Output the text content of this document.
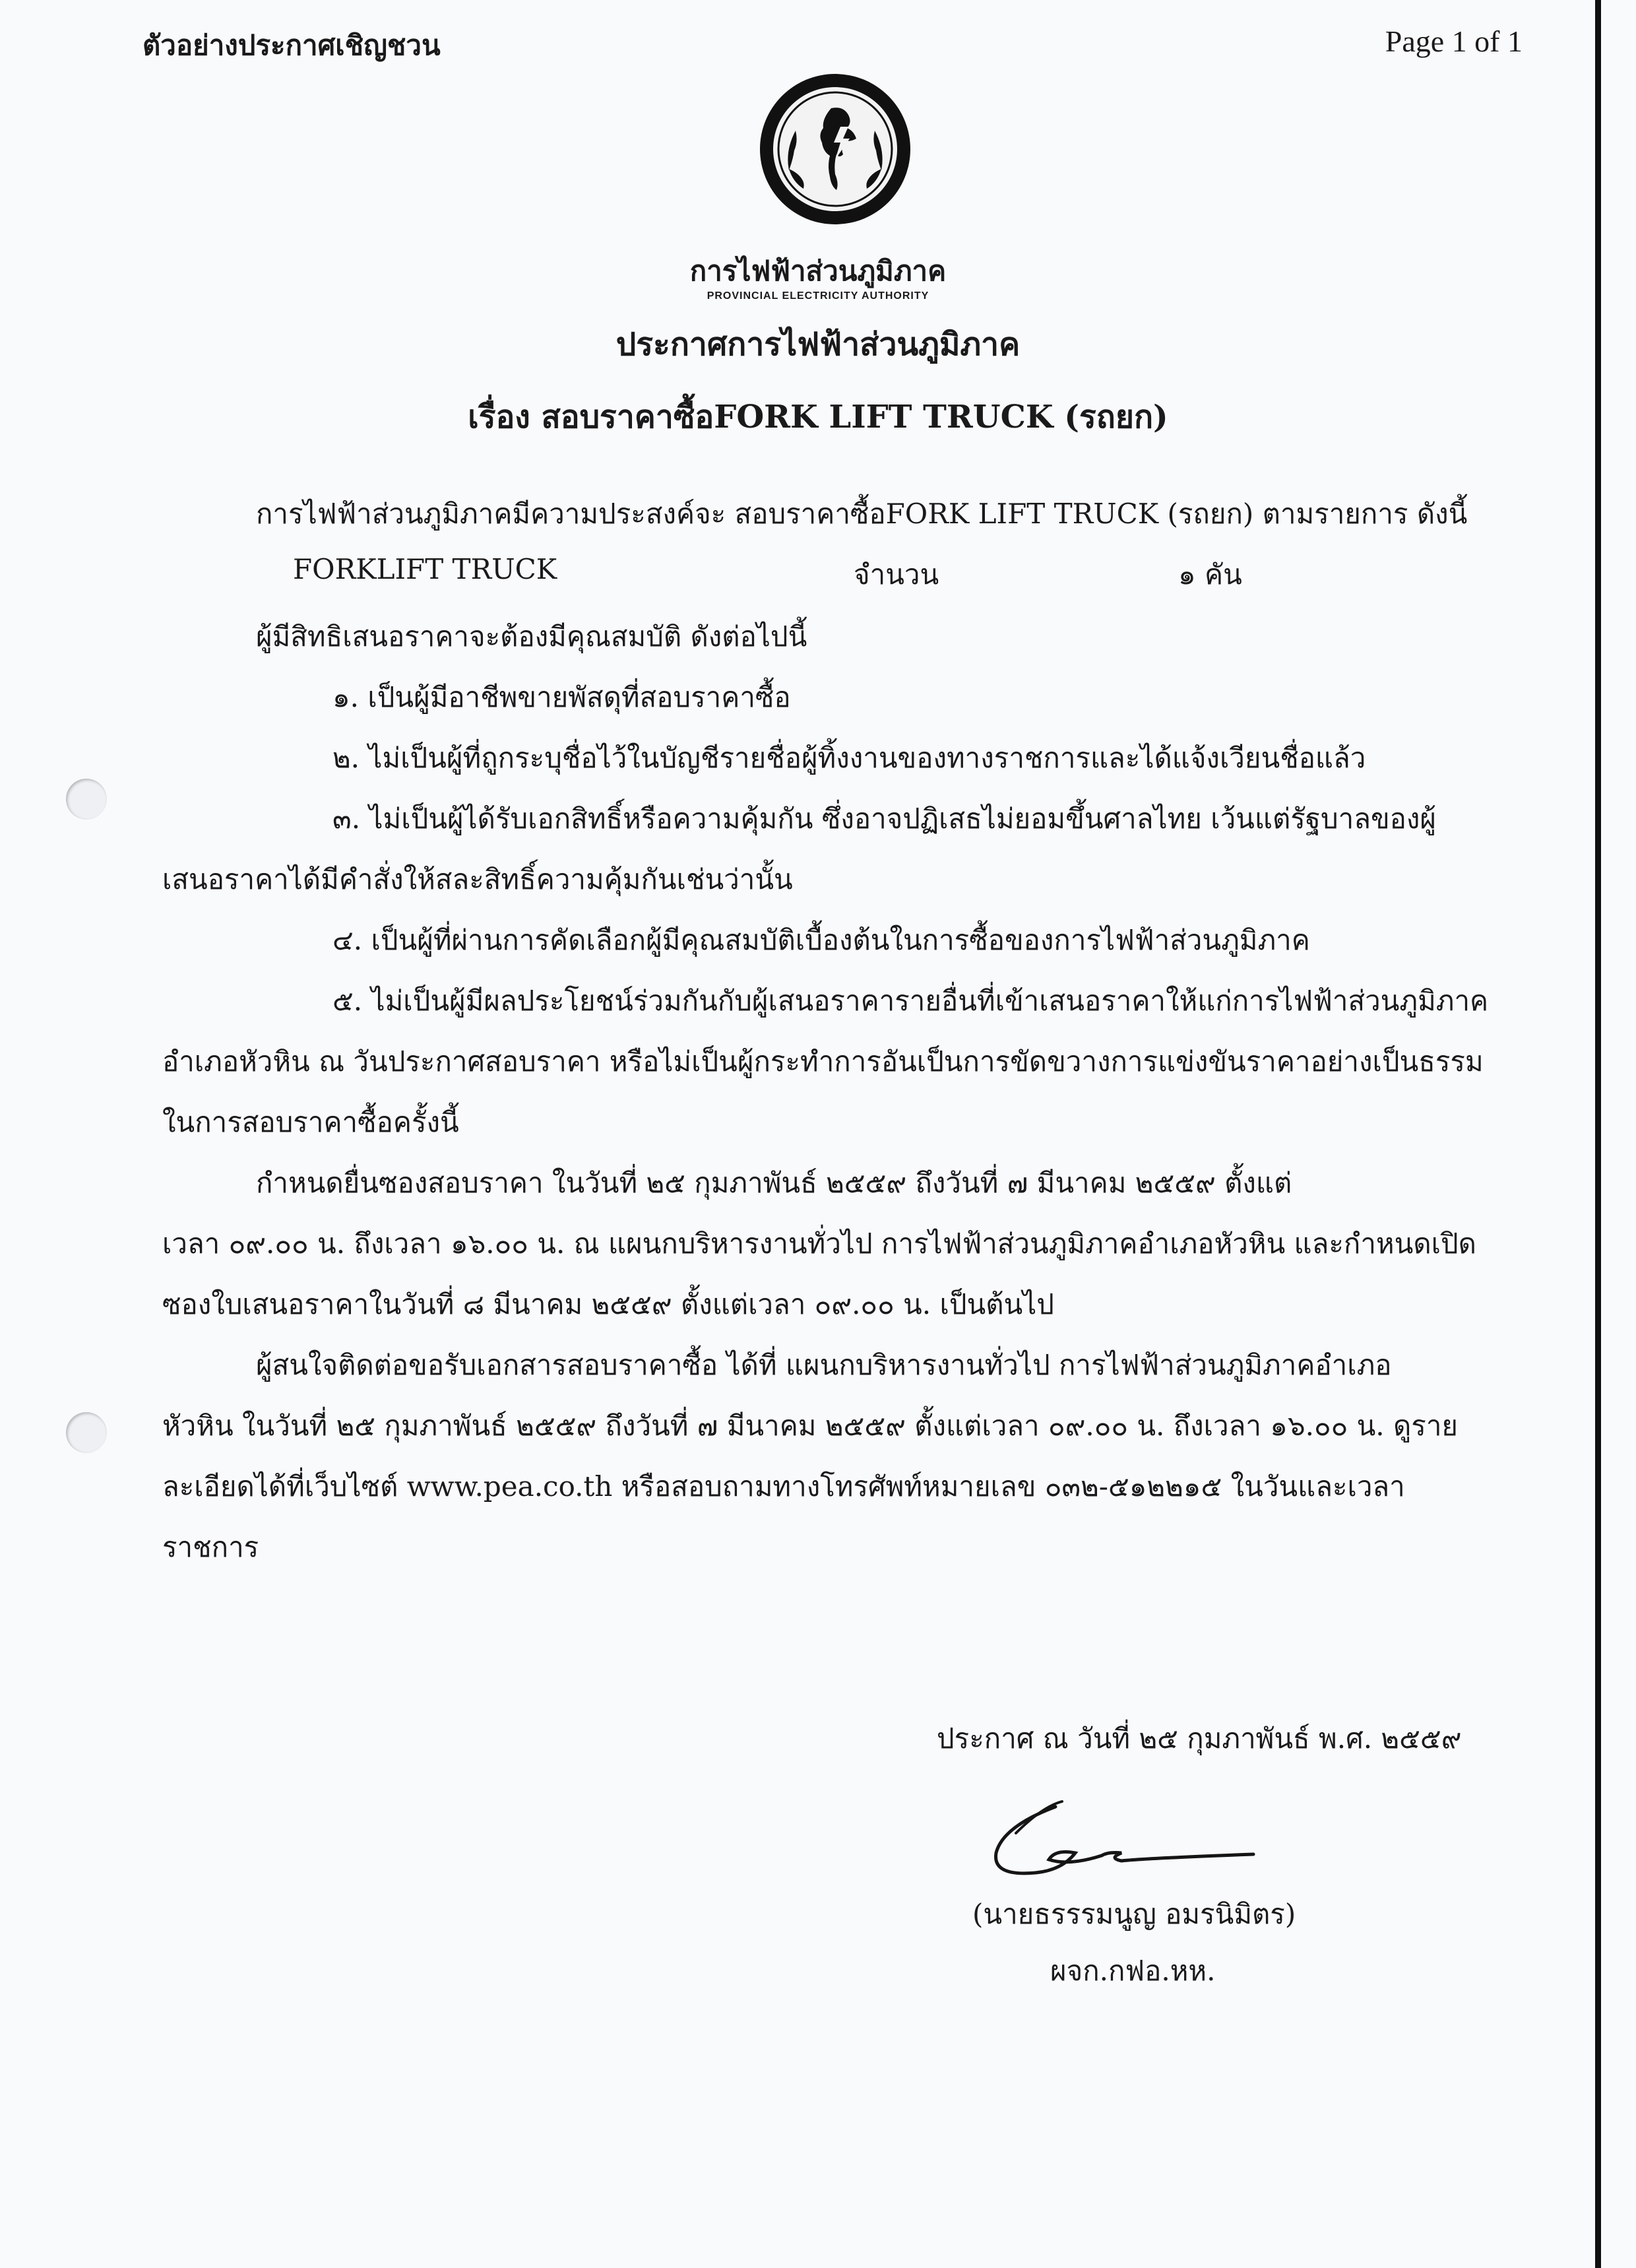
ตัวอย่างประกาศเชิญชวน	Page 1 of 1
การไฟฟ้าส่วนภูมิภาค
PROVINCIAL ELECTRICITY AUTHORITY
ประกาศการไฟฟ้าส่วนภูมิภาค
เรื่อง สอบราคาซื้อFORK LIFT TRUCK (รถยก)
การไฟฟ้าส่วนภูมิภาคมีความประสงค์จะ สอบราคาซื้อFORK LIFT TRUCK (รถยก) ตามรายการ ดังนี้
FORKLIFT TRUCK	จำนวน	๑ คัน
ผู้มีสิทธิเสนอราคาจะต้องมีคุณสมบัติ ดังต่อไปนี้
๑. เป็นผู้มีอาชีพขายพัสดุที่สอบราคาซื้อ
๒. ไม่เป็นผู้ที่ถูกระบุชื่อไว้ในบัญชีรายชื่อผู้ทิ้งงานของทางราชการและได้แจ้งเวียนชื่อแล้ว
๓. ไม่เป็นผู้ได้รับเอกสิทธิ์หรือความคุ้มกัน ซึ่งอาจปฏิเสธไม่ยอมขึ้นศาลไทย เว้นแต่รัฐบาลของผู้
เสนอราคาได้มีคำสั่งให้สละสิทธิ์ความคุ้มกันเช่นว่านั้น
๔. เป็นผู้ที่ผ่านการคัดเลือกผู้มีคุณสมบัติเบื้องต้นในการซื้อของการไฟฟ้าส่วนภูมิภาค
๕. ไม่เป็นผู้มีผลประโยชน์ร่วมกันกับผู้เสนอราคารายอื่นที่เข้าเสนอราคาให้แก่การไฟฟ้าส่วนภูมิภาค
อำเภอหัวหิน ณ วันประกาศสอบราคา หรือไม่เป็นผู้กระทำการอันเป็นการขัดขวางการแข่งขันราคาอย่างเป็นธรรม
ในการสอบราคาซื้อครั้งนี้
กำหนดยื่นซองสอบราคา ในวันที่ ๒๕ กุมภาพันธ์ ๒๕๕๙ ถึงวันที่ ๗ มีนาคม ๒๕๕๙ ตั้งแต่
เวลา ๐๙.๐๐ น. ถึงเวลา ๑๖.๐๐ น. ณ แผนกบริหารงานทั่วไป การไฟฟ้าส่วนภูมิภาคอำเภอหัวหิน และกำหนดเปิด
ซองใบเสนอราคาในวันที่ ๘ มีนาคม ๒๕๕๙ ตั้งแต่เวลา ๐๙.๐๐ น. เป็นต้นไป
ผู้สนใจติดต่อขอรับเอกสารสอบราคาซื้อ ได้ที่ แผนกบริหารงานทั่วไป การไฟฟ้าส่วนภูมิภาคอำเภอ
หัวหิน ในวันที่ ๒๕ กุมภาพันธ์ ๒๕๕๙ ถึงวันที่ ๗ มีนาคม ๒๕๕๙ ตั้งแต่เวลา ๐๙.๐๐ น. ถึงเวลา ๑๖.๐๐ น. ดูราย
ละเอียดได้ที่เว็บไซต์ www.pea.co.th หรือสอบถามทางโทรศัพท์หมายเลข ๐๓๒-๕๑๒๒๑๕ ในวันและเวลา
ราชการ
ประกาศ ณ วันที่ ๒๕ กุมภาพันธ์ พ.ศ. ๒๕๕๙
(นายธรรรมนูญ อมรนิมิตร)
ผจก.กฟอ.หห.
